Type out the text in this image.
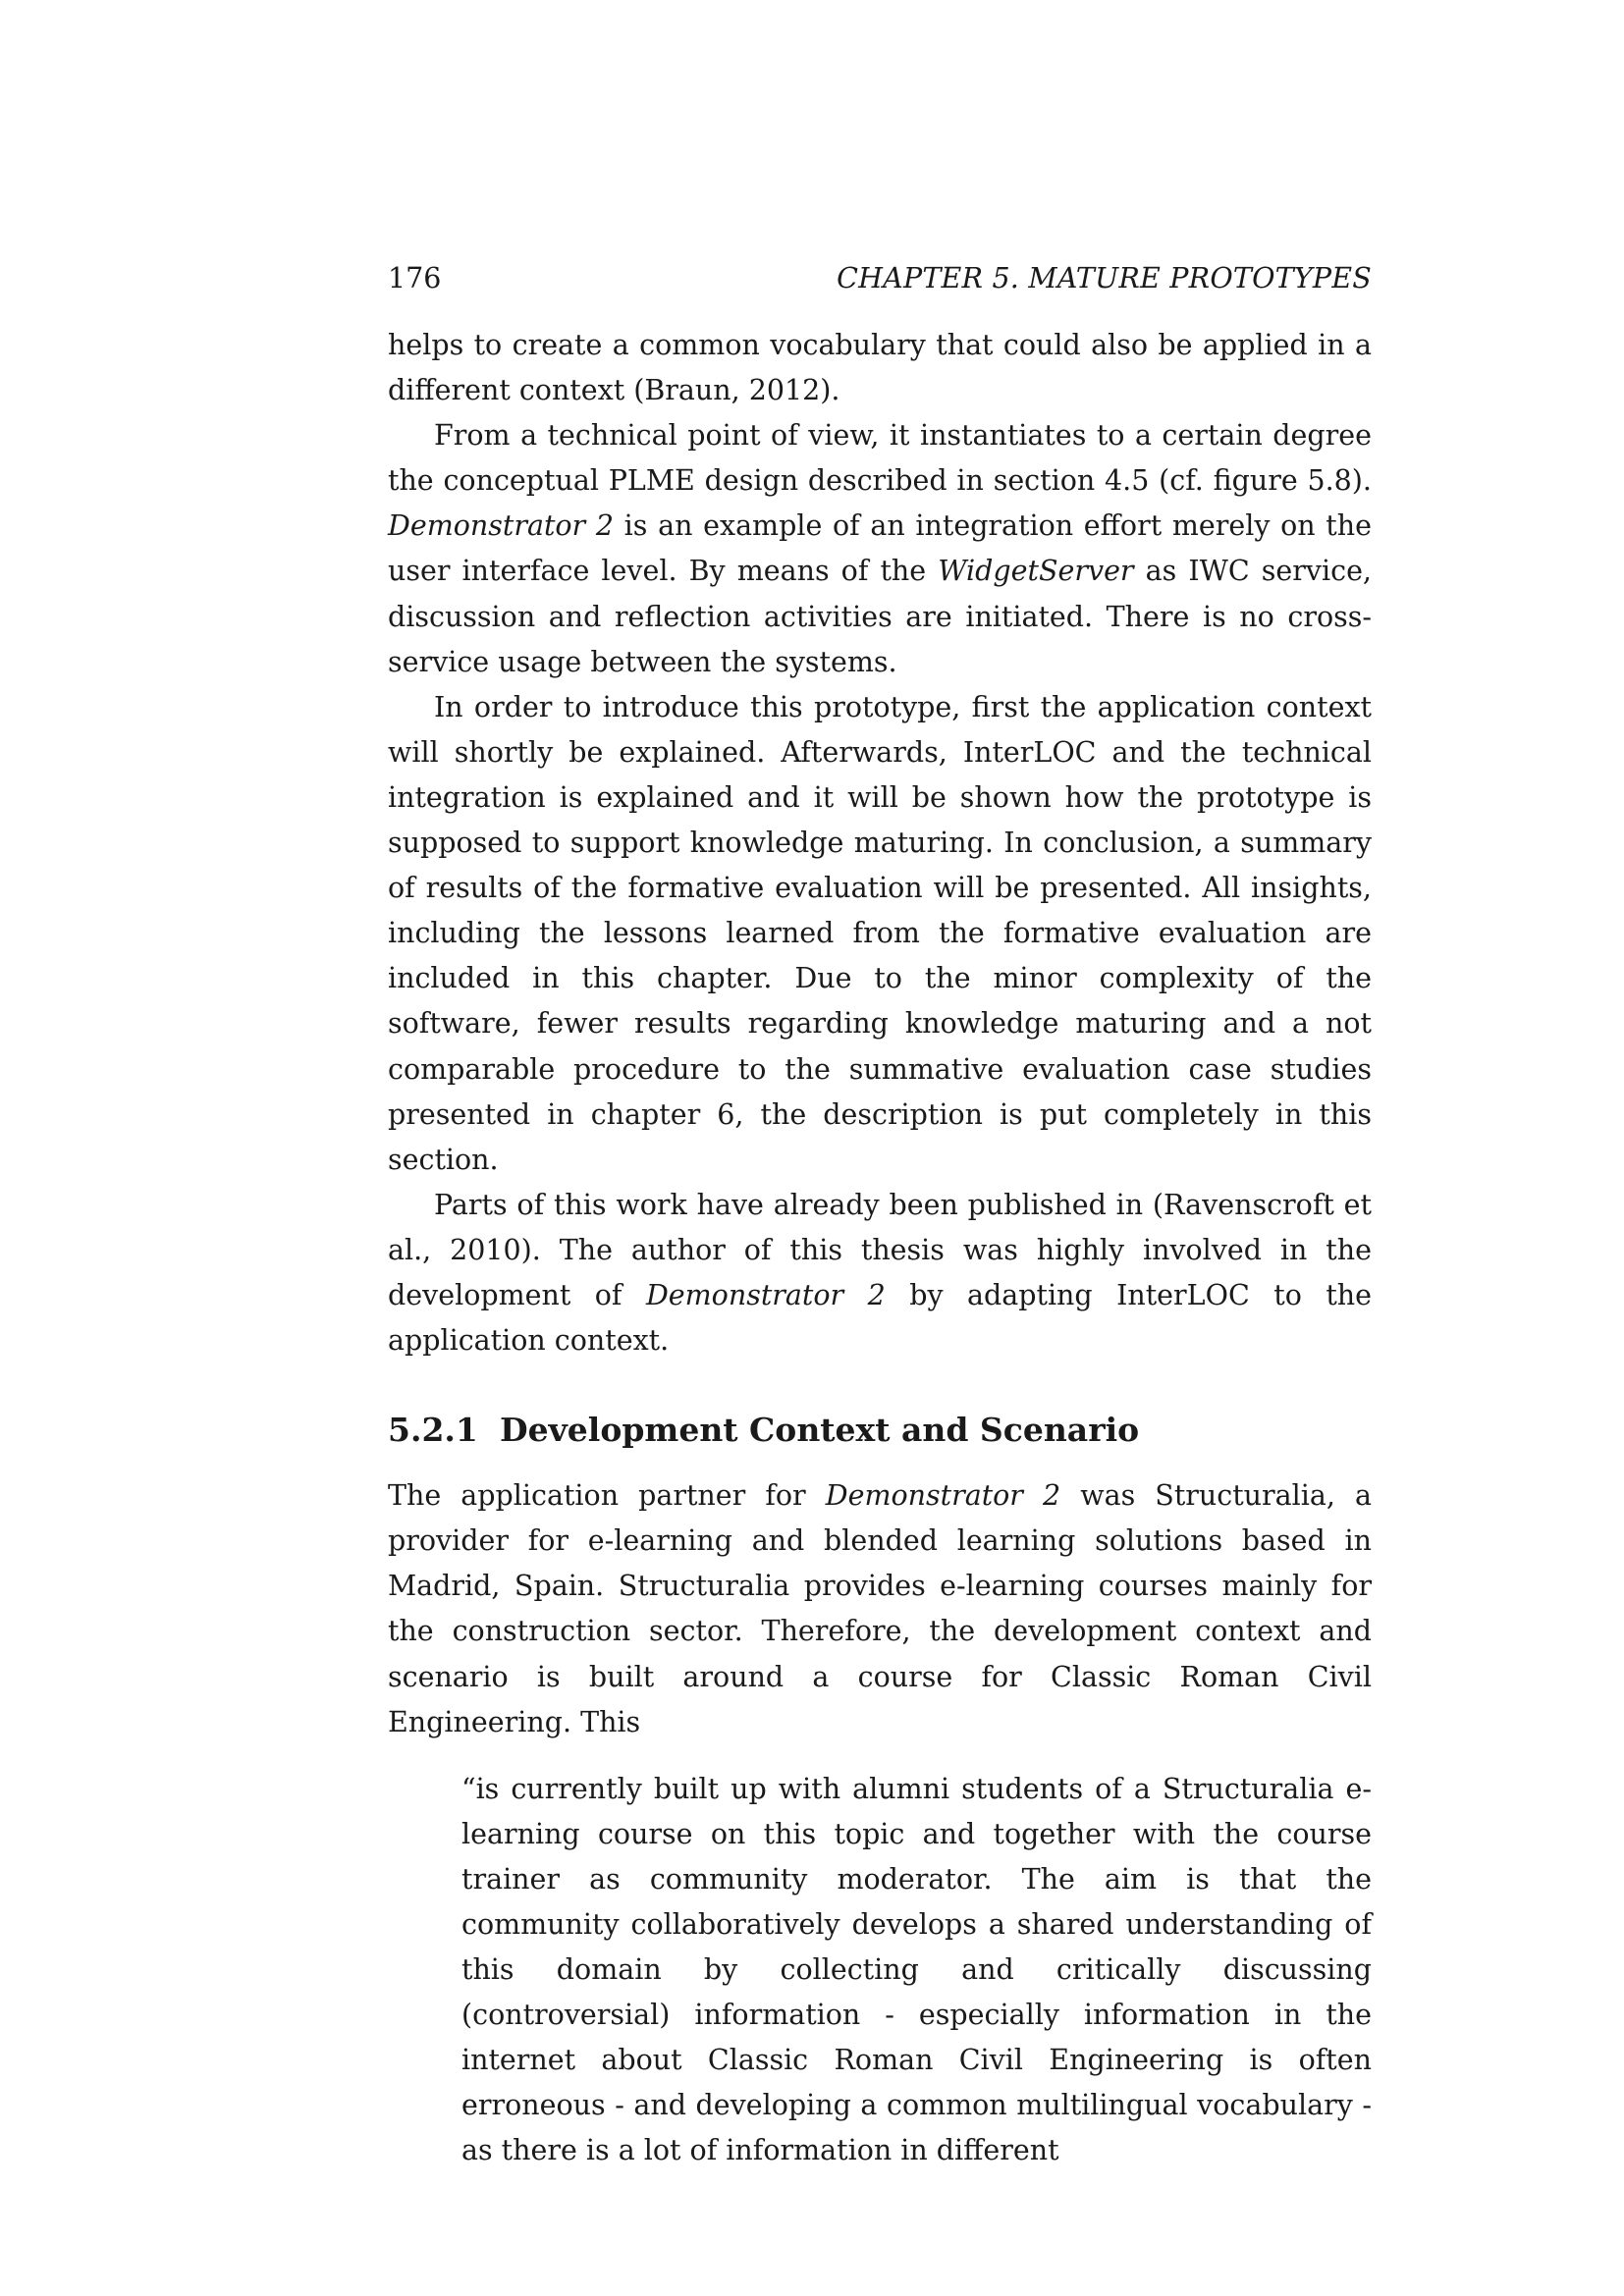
176	CHAPTER 5. MATURE PROTOTYPES

helps to create a common vocabulary that could also be applied in a different context (Braun, 2012).

From a technical point of view, it instantiates to a certain degree the conceptual PLME design described in section 4.5 (cf. figure 5.8). Demonstrator 2 is an example of an integration effort merely on the user interface level. By means of the WidgetServer as IWC service, discussion and reflection activities are initiated. There is no cross-service usage between the systems.

In order to introduce this prototype, first the application context will shortly be explained. Afterwards, InterLOC and the technical integration is explained and it will be shown how the prototype is supposed to support knowledge maturing. In conclusion, a summary of results of the formative evaluation will be presented. All insights, including the lessons learned from the formative evaluation are included in this chapter. Due to the minor complexity of the software, fewer results regarding knowledge maturing and a not comparable procedure to the summative evaluation case studies presented in chapter 6, the description is put completely in this section.

Parts of this work have already been published in (Ravenscroft et al., 2010). The author of this thesis was highly involved in the development of Demonstrator 2 by adapting InterLOC to the application context.

5.2.1 Development Context and Scenario

The application partner for Demonstrator 2 was Structuralia, a provider for e-learning and blended learning solutions based in Madrid, Spain. Structuralia provides e-learning courses mainly for the construction sector. Therefore, the development context and scenario is built around a course for Classic Roman Civil Engineering. This

“is currently built up with alumni students of a Structuralia e-learning course on this topic and together with the course trainer as community moderator. The aim is that the community collaboratively develops a shared understanding of this domain by collecting and critically discussing (controversial) information - especially information in the internet about Classic Roman Civil Engineering is often erroneous - and developing a common multilingual vocabulary - as there is a lot of information in different
